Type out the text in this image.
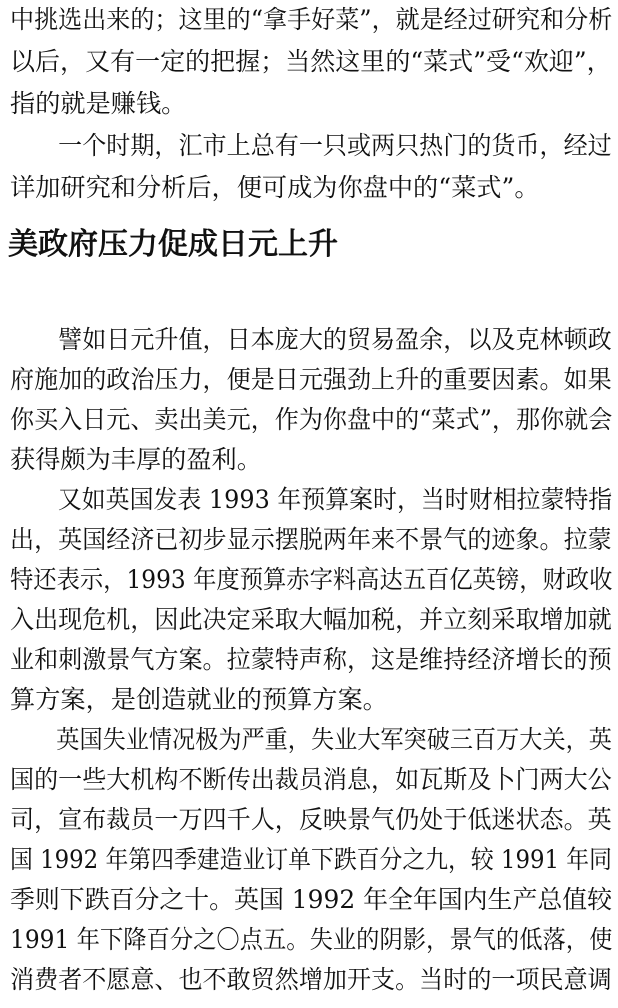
中挑选出来的；这里的“拿手好菜”，就是经过研究和分析
以后，又有一定的把握；当然这里的“菜式”受“欢迎”，
指的就是赚钱。
　　一个时期，汇市上总有一只或两只热门的货币，经过
详加研究和分析后，便可成为你盘中的“菜式”。
美政府压力促成日元上升
　　譬如日元升值，日本庞大的贸易盈余，以及克林顿政
府施加的政治压力，便是日元强劲上升的重要因素。如果
你买入日元、卖出美元，作为你盘中的“菜式”，那你就会
获得颇为丰厚的盈利。
　　又如英国发表 1993 年预算案时，当时财相拉蒙特指
出，英国经济已初步显示摆脱两年来不景气的迹象。拉蒙
特还表示，1993 年度预算赤字料高达五百亿英镑，财政收
入出现危机，因此决定采取大幅加税，并立刻采取增加就
业和刺激景气方案。拉蒙特声称，这是维持经济增长的预
算方案，是创造就业的预算方案。
　　英国失业情况极为严重，失业大军突破三百万大关，英
国的一些大机构不断传出裁员消息，如瓦斯及卜门两大公
司，宣布裁员一万四千人，反映景气仍处于低迷状态。英
国 1992 年第四季建造业订单下跌百分之九，较 1991 年同
季则下跌百分之十。英国 1992 年全年国内生产总值较
1991 年下降百分之〇点五。失业的阴影，景气的低落，使
消费者不愿意、也不敢贸然增加开支。当时的一项民意调
